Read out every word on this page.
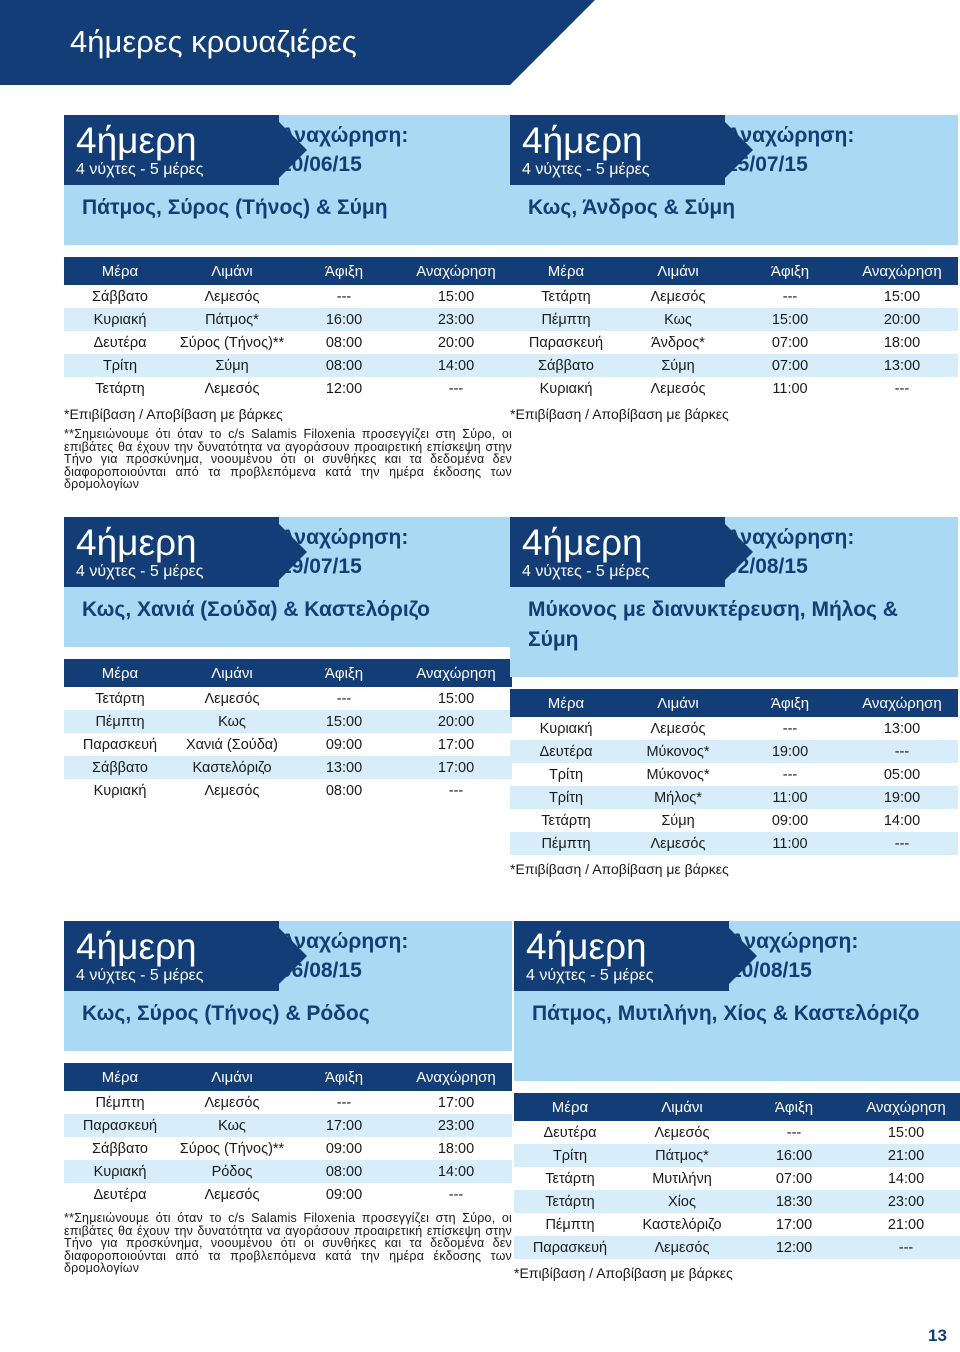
4ήμερες κρουαζιέρες
4ήμερη
4 νύχτες - 5 μέρες
Αναχώρηση:
20/06/15
Πάτμος, Σύρος (Τήνος) & Σύμη
Μέρα	Λιμάνι	Άφιξη	Αναχώρηση
Σάββατο	Λεμεσός	---	15:00
Κυριακή	Πάτμος*	16:00	23:00
Δευτέρα	Σύρος (Τήνος)**	08:00	20:00
Τρίτη	Σύμη	08:00	14:00
Τετάρτη	Λεμεσός	12:00	---
*Επιβίβαση / Αποβίβαση με βάρκες
**Σημειώνουμε ότι όταν το c/s Salamis Filoxenia προσεγγίζει στη Σύρο, οι επιβάτες θα έχουν την δυνατότητα να αγοράσουν προαιρετική επίσκεψη στην Τήνο για προσκύνημα, νοουμένου ότι οι συνθήκες και τα δεδομένα δεν διαφοροποιούνται από τα προβλεπόμενα κατά την ημέρα έκδοσης των δρομολογίων
4ήμερη
4 νύχτες - 5 μέρες
Αναχώρηση:
15/07/15
Κως, Άνδρος & Σύμη
Μέρα	Λιμάνι	Άφιξη	Αναχώρηση
Τετάρτη	Λεμεσός	---	15:00
Πέμπτη	Κως	15:00	20:00
Παρασκευή	Άνδρος*	07:00	18:00
Σάββατο	Σύμη	07:00	13:00
Κυριακή	Λεμεσός	11:00	---
*Επιβίβαση / Αποβίβαση με βάρκες
4ήμερη
4 νύχτες - 5 μέρες
Αναχώρηση:
29/07/15
Κως, Χανιά (Σούδα) & Καστελόριζο
Μέρα	Λιμάνι	Άφιξη	Αναχώρηση
Τετάρτη	Λεμεσός	---	15:00
Πέμπτη	Κως	15:00	20:00
Παρασκευή	Χανιά (Σούδα)	09:00	17:00
Σάββατο	Καστελόριζο	13:00	17:00
Κυριακή	Λεμεσός	08:00	---
4ήμερη
4 νύχτες - 5 μέρες
Αναχώρηση:
02/08/15
Μύκονος με διανυκτέρευση, Μήλος & Σύμη
Μέρα	Λιμάνι	Άφιξη	Αναχώρηση
Κυριακή	Λεμεσός	---	13:00
Δευτέρα	Μύκονος*	19:00	---
Τρίτη	Μύκονος*	---	05:00
Τρίτη	Μήλος*	11:00	19:00
Τετάρτη	Σύμη	09:00	14:00
Πέμπτη	Λεμεσός	11:00	---
*Επιβίβαση / Αποβίβαση με βάρκες
4ήμερη
4 νύχτες - 5 μέρες
Αναχώρηση:
06/08/15
Κως, Σύρος (Τήνος) & Ρόδος
Μέρα	Λιμάνι	Άφιξη	Αναχώρηση
Πέμπτη	Λεμεσός	---	17:00
Παρασκευή	Κως	17:00	23:00
Σάββατο	Σύρος (Τήνος)**	09:00	18:00
Κυριακή	Ρόδος	08:00	14:00
Δευτέρα	Λεμεσός	09:00	---
**Σημειώνουμε ότι όταν το c/s Salamis Filoxenia προσεγγίζει στη Σύρο, οι επιβάτες θα έχουν την δυνατότητα να αγοράσουν προαιρετική επίσκεψη στην Τήνο για προσκύνημα, νοουμένου ότι οι συνθήκες και τα δεδομένα δεν διαφοροποιούνται από τα προβλεπόμενα κατά την ημέρα έκδοσης των δρομολογίων
4ήμερη
4 νύχτες - 5 μέρες
Αναχώρηση:
10/08/15
Πάτμος, Μυτιλήνη, Χίος & Καστελόριζο
Μέρα	Λιμάνι	Άφιξη	Αναχώρηση
Δευτέρα	Λεμεσός	---	15:00
Τρίτη	Πάτμος*	16:00	21:00
Τετάρτη	Μυτιλήνη	07:00	14:00
Τετάρτη	Χίος	18:30	23:00
Πέμπτη	Καστελόριζο	17:00	21:00
Παρασκευή	Λεμεσός	12:00	---
*Επιβίβαση / Αποβίβαση με βάρκες
13
